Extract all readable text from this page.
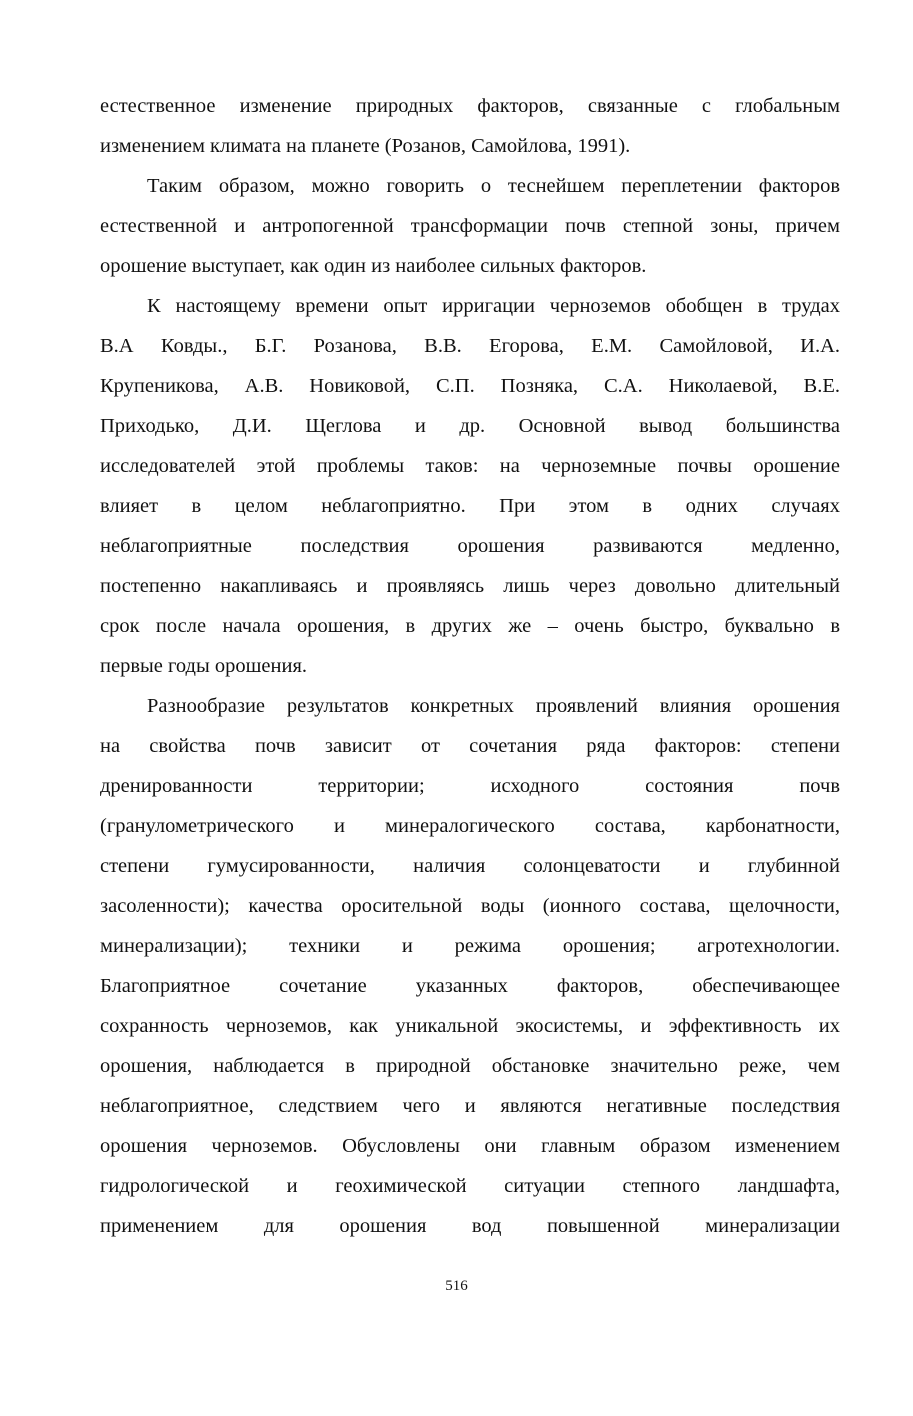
естественное изменение природных факторов, связанные с глобальным
изменением климата на планете (Розанов, Самойлова, 1991).
Таким образом, можно говорить о теснейшем переплетении факторов
естественной и антропогенной трансформации почв степной зоны, причем
орошение выступает, как один из наиболее сильных факторов.
К настоящему времени опыт ирригации черноземов обобщен в трудах
В.А Ковды., Б.Г. Розанова, В.В. Егорова, Е.М. Самойловой, И.А.
Крупеникова, А.В. Новиковой, С.П. Позняка, С.А. Николаевой, В.Е.
Приходько, Д.И. Щеглова и др. Основной вывод большинства
исследователей этой проблемы таков: на черноземные почвы орошение
влияет в целом неблагоприятно. При этом в одних случаях
неблагоприятные последствия орошения развиваются медленно,
постепенно накапливаясь и проявляясь лишь через довольно длительный
срок после начала орошения, в других же – очень быстро, буквально в
первые годы орошения.
Разнообразие результатов конкретных проявлений влияния орошения
на свойства почв зависит от сочетания ряда факторов: степени
дренированности территории; исходного состояния почв
(гранулометрического и минералогического состава, карбонатности,
степени гумусированности, наличия солонцеватости и глубинной
засоленности); качества оросительной воды (ионного состава, щелочности,
минерализации); техники и режима орошения; агротехнологии.
Благоприятное сочетание указанных факторов, обеспечивающее
сохранность черноземов, как уникальной экосистемы, и эффективность их
орошения, наблюдается в природной обстановке значительно реже, чем
неблагоприятное, следствием чего и являются негативные последствия
орошения черноземов. Обусловлены они главным образом изменением
гидрологической и геохимической ситуации степного ландшафта,
применением для орошения вод повышенной минерализации
516
